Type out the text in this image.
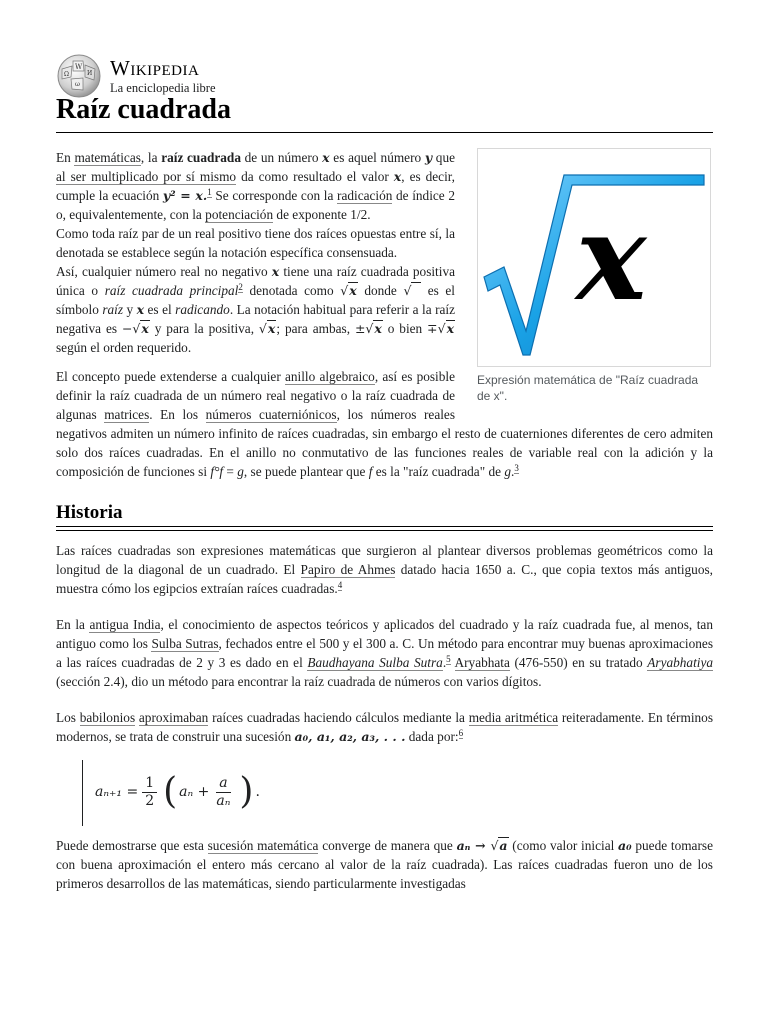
Ω
W
И
ω
Wikipedia
La enciclopedia libre
Raíz cuadrada
x
Expresión matemática de "Raíz cuadrada de x".

En matemáticas, la raíz cuadrada de un número x es aquel número y que al ser multiplicado por sí mismo da como resultado el valor x, es decir, cumple la ecuación y² = x.$^1$ Se corresponde con la radicación de índice 2 o, equivalentemente, con la potenciación de exponente 1/2.

Como toda raíz par de un real positivo tiene dos raíces opuestas entre sí, la denotada se establece según la notación específica consensuada.

Así, cualquier número real no negativo x tiene una raíz cuadrada positiva única o raíz cuadrada principal$^2$ denotada como √x donde √  es el símbolo raíz y x es el radicando. La notación habitual para referir a la raíz negativa es −√x y para la positiva, √x; para ambas, ±√x o bien ∓√x según el orden requerido.

El concepto puede extenderse a cualquier anillo algebraico, así es posible definir la raíz cuadrada de un número real negativo o la raíz cuadrada de algunas matrices. En los números cuaterniónicos, los números reales negativos admiten un número infinito de raíces cuadradas, sin embargo el resto de cuaterniones diferentes de cero admiten solo dos raíces cuadradas. En el anillo no conmutativo de las funciones reales de variable real con la adición y la composición de funciones si f°f = g, se puede plantear que f es la "raíz cuadrada" de g.$^3$

Historia

Las raíces cuadradas son expresiones matemáticas que surgieron al plantear diversos problemas geométricos como la longitud de la diagonal de un cuadrado. El Papiro de Ahmes datado hacia 1650 a. C., que copia textos más antiguos, muestra cómo los egipcios extraían raíces cuadradas.$^4$

En la antigua India, el conocimiento de aspectos teóricos y aplicados del cuadrado y la raíz cuadrada fue, al menos, tan antiguo como los Sulba Sutras, fechados entre el 500 y el 300 a. C. Un método para encontrar muy buenas aproximaciones a las raíces cuadradas de 2 y 3 es dado en el Baudhayana Sulba Sutra.$^5$ Aryabhata (476-550) en su tratado Aryabhatiya (sección 2.4), dio un método para encontrar la raíz cuadrada de números con varios dígitos.

Los babilonios aproximaban raíces cuadradas haciendo cálculos mediante la media aritmética reiteradamente. En términos modernos, se trata de construir una sucesión a₀, a₁, a₂, a₃, . . . dada por:$^6$

$a_{n+1} = \frac{1}{2}$ ( $a_n + \frac{a}{\text{aₙ}}$ ) .

Puede demostrarse que esta sucesión matemática converge de manera que aₙ → √a (como valor inicial a₀ puede tomarse con buena aproximación el entero más cercano al valor de la raíz cuadrada). Las raíces cuadradas fueron uno de los primeros desarrollos de las matemáticas, siendo particularmente investigadas
